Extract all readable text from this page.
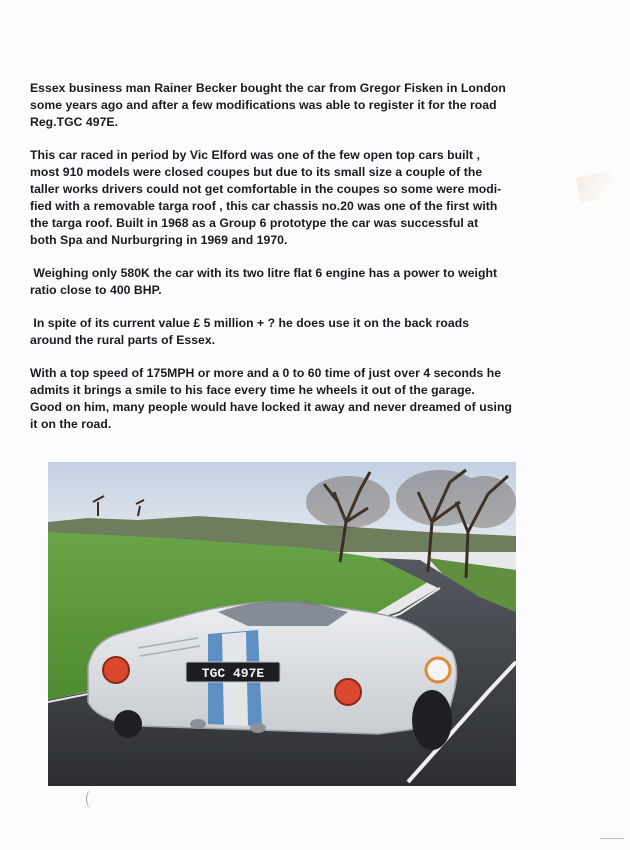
Essex business man Rainer Becker bought the car from Gregor Fisken in London
some years ago and after a few modifications was able to register it for the road
Reg.TGC 497E.

This car raced in period by Vic Elford was one of the few open top cars built ,
most 910 models were closed coupes but due to its small size a couple of the
taller works drivers could not get comfortable in the coupes so some were modi-
fied with a removable targa roof , this car chassis no.20 was one of the first with
the targa roof. Built in 1968 as a Group 6 prototype the car was successful at
both Spa and Nurburgring in 1969 and 1970.

Weighing only 580K the car with its two litre flat 6 engine has a power to weight
ratio close to 400 BHP.

In spite of its current value £ 5 million + ? he does use it on the back roads
around the rural parts of Essex.

With a top speed of 175MPH or more and a 0 to 60 time of just over 4 seconds he
admits it brings a smile to his face every time he wheels it out of the garage.
Good on him, many people would have locked it away and never dreamed of using
it on the road.

TGC 497E
